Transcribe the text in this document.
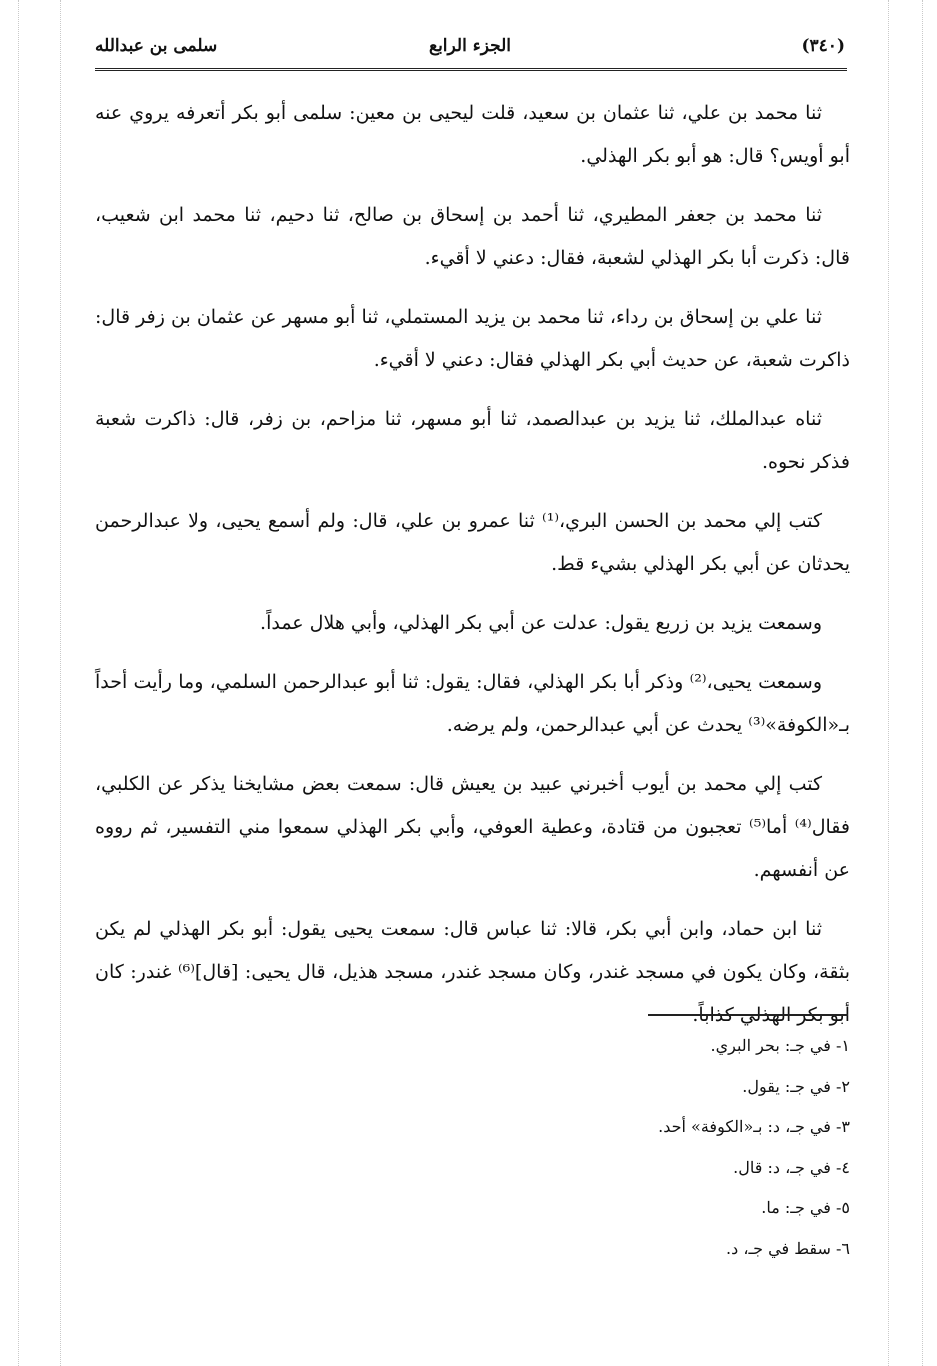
(٣٤٠)
الجزء الرابع
سلمى بن عبدالله

ثنا محمد بن علي، ثنا عثمان بن سعيد، قلت ليحيى بن معين: سلمى أبو بكر أتعرفه يروي عنه أبو أويس؟ قال: هو أبو بكر الهذلي.

ثنا محمد بن جعفر المطيري، ثنا أحمد بن إسحاق بن صالح، ثنا دحيم، ثنا محمد ابن شعيب، قال: ذكرت أبا بكر الهذلي لشعبة، فقال: دعني لا أقيء.

ثنا علي بن إسحاق بن رداء، ثنا محمد بن يزيد المستملي، ثنا أبو مسهر عن عثمان بن زفر قال: ذاكرت شعبة، عن حديث أبي بكر الهذلي فقال: دعني لا أقيء.

ثناه عبدالملك، ثنا يزيد بن عبدالصمد، ثنا أبو مسهر، ثنا مزاحم، بن زفر، قال: ذاكرت شعبة فذكر نحوه.

كتب إلي محمد بن الحسن البري،⁽¹⁾ ثنا عمرو بن علي، قال: ولم أسمع يحيى، ولا عبدالرحمن يحدثان عن أبي بكر الهذلي بشيء قط.

وسمعت يزيد بن زريع يقول: عدلت عن أبي بكر الهذلي، وأبي هلال عمداً.

وسمعت يحيى،⁽²⁾ وذكر أبا بكر الهذلي، فقال: يقول: ثنا أبو عبدالرحمن السلمي، وما رأيت أحداً بـ«الكوفة»⁽³⁾ يحدث عن أبي عبدالرحمن، ولم يرضه.

كتب إلي محمد بن أيوب أخبرني عبيد بن يعيش قال: سمعت بعض مشايخنا يذكر عن الكلبي، فقال⁽⁴⁾ أما⁽⁵⁾ تعجبون من قتادة، وعطية العوفي، وأبي بكر الهذلي سمعوا مني التفسير، ثم رووه عن أنفسهم.

ثنا ابن حماد، وابن أبي بكر، قالا: ثنا عباس قال: سمعت يحيى يقول: أبو بكر الهذلي لم يكن بثقة، وكان يكون في مسجد غندر، وكان مسجد غندر، مسجد هذيل، قال يحيى: [قال]⁽⁶⁾ غندر: كان أبو بكر الهذلي كذاباً.

١- في جـ: بحر البري.
٢- في جـ: يقول.
٣- في جـ، د: بـ«الكوفة» أحد.
٤- في جـ، د: قال.
٥- في جـ: ما.
٦- سقط في جـ، د.
